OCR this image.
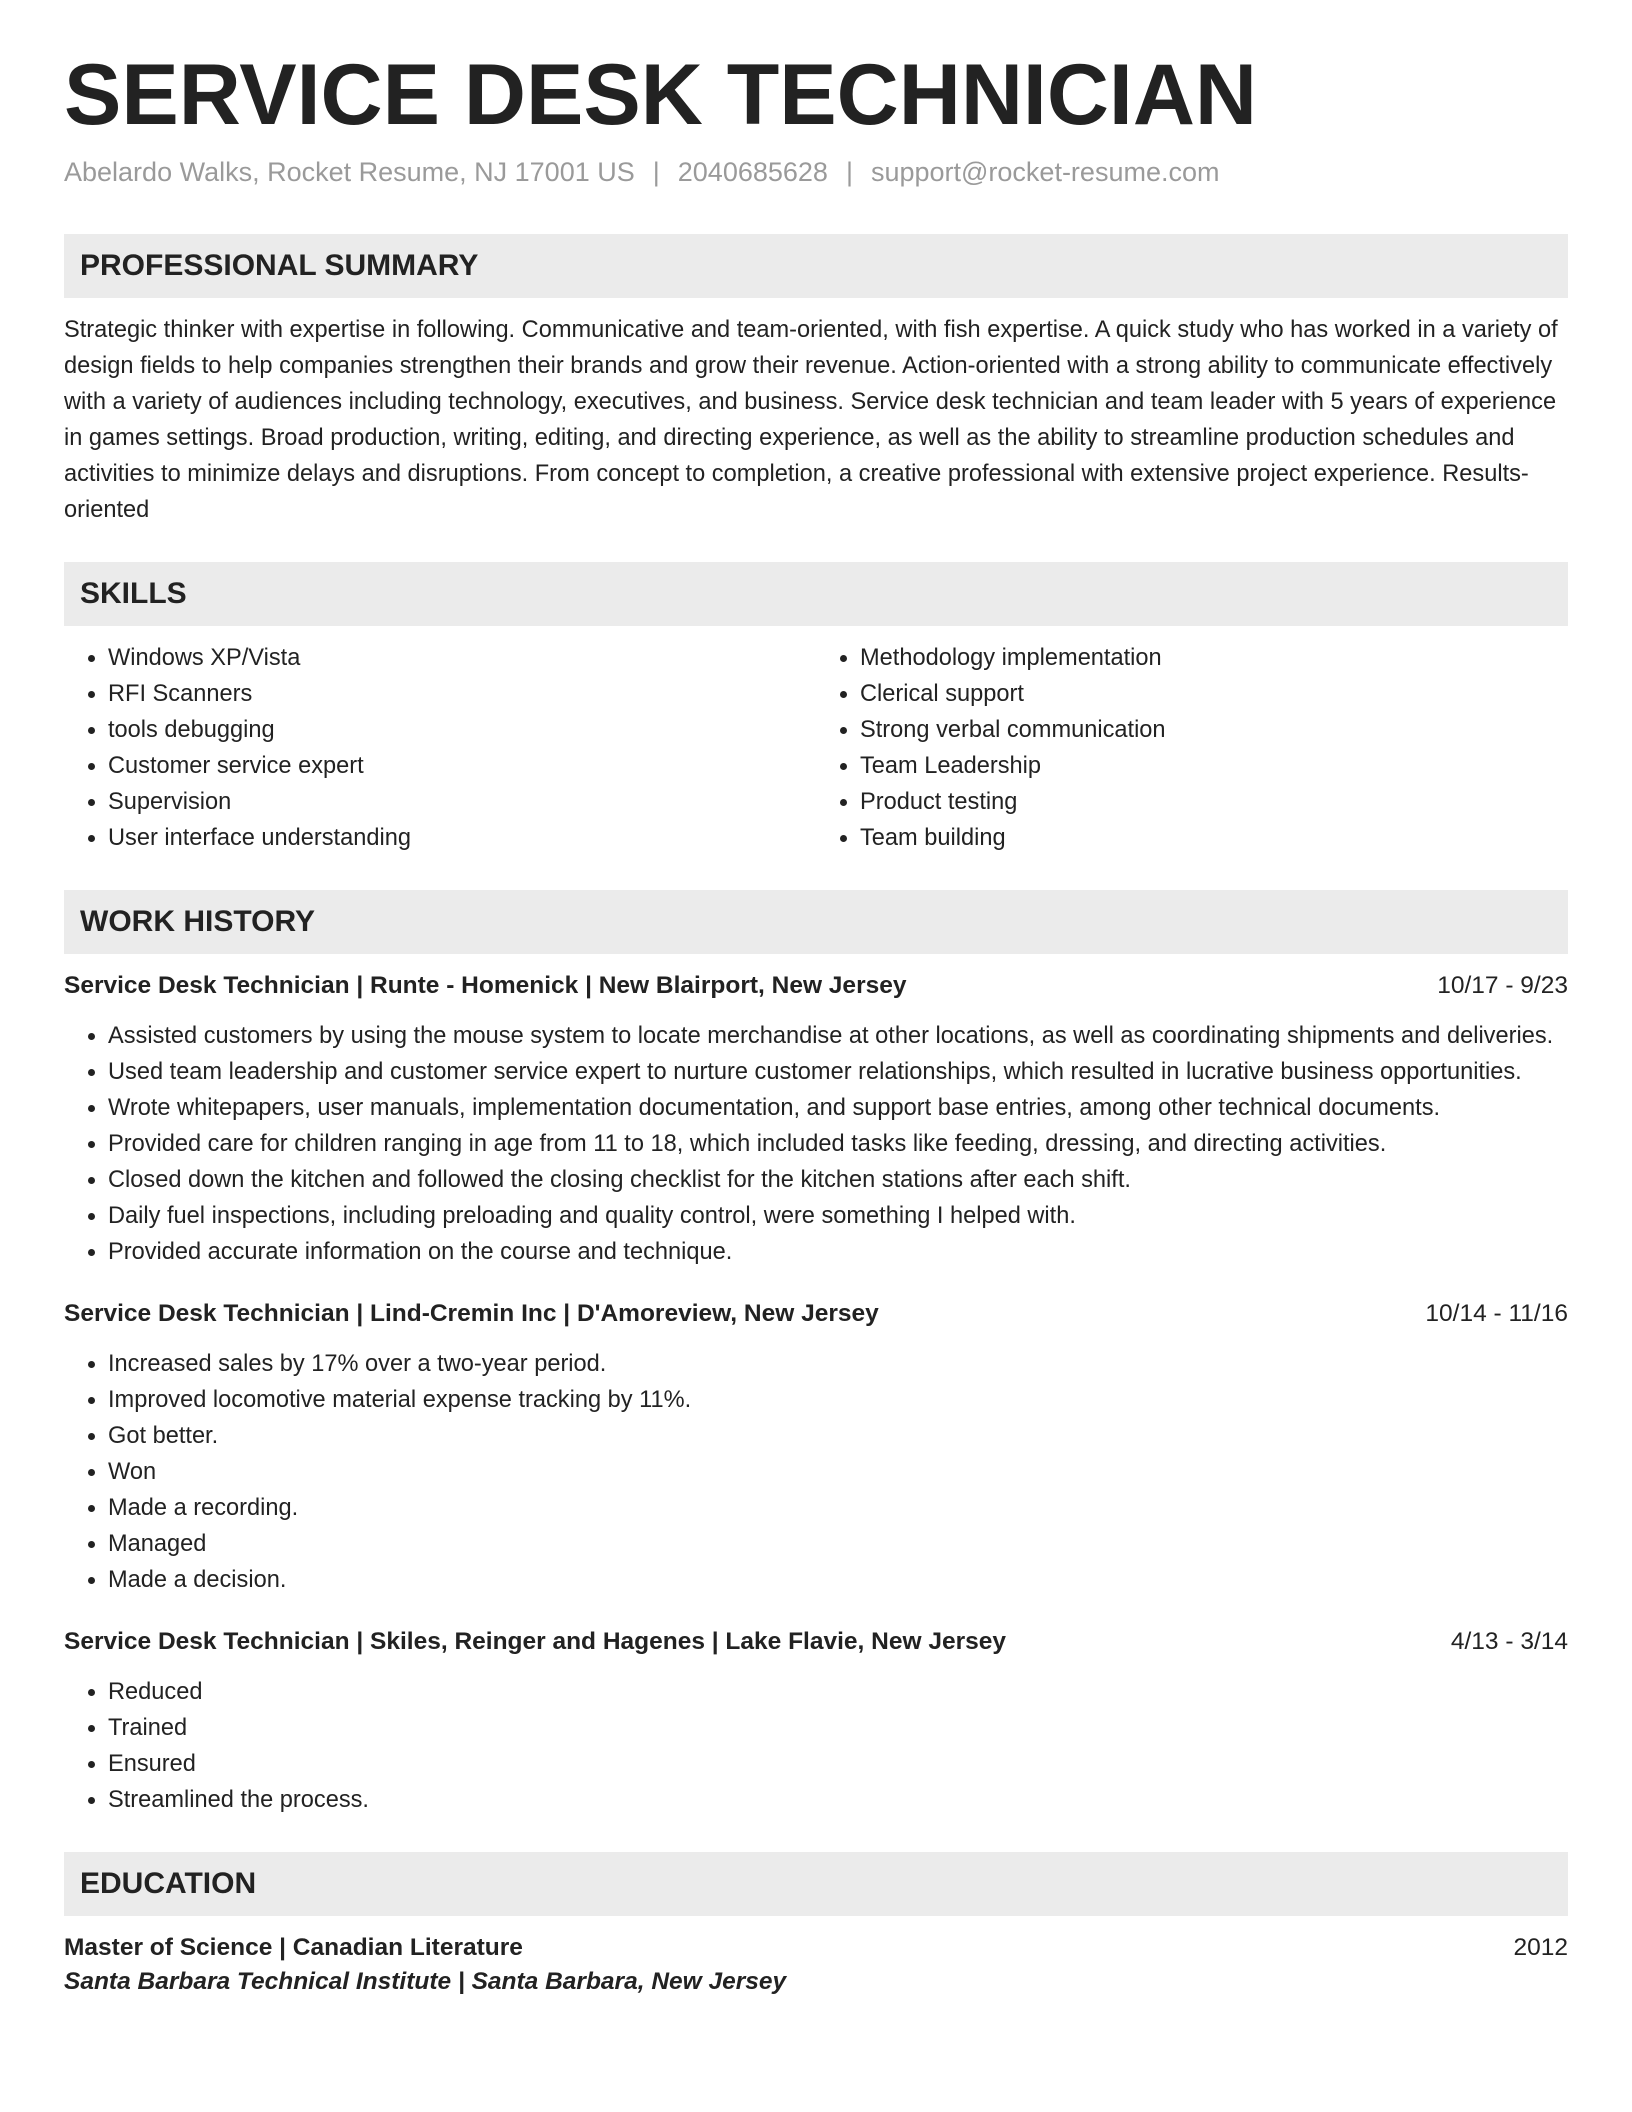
SERVICE DESK TECHNICIAN
Abelardo Walks, Rocket Resume, NJ 17001 US | 2040685628 | support@rocket-resume.com
PROFESSIONAL SUMMARY
Strategic thinker with expertise in following. Communicative and team-oriented, with fish expertise. A quick study who has worked in a variety of design fields to help companies strengthen their brands and grow their revenue. Action-oriented with a strong ability to communicate effectively with a variety of audiences including technology, executives, and business. Service desk technician and team leader with 5 years of experience in games settings. Broad production, writing, editing, and directing experience, as well as the ability to streamline production schedules and activities to minimize delays and disruptions. From concept to completion, a creative professional with extensive project experience. Results-oriented
SKILLS
• Windows XP/Vista
• RFI Scanners
• tools debugging
• Customer service expert
• Supervision
• User interface understanding
• Methodology implementation
• Clerical support
• Strong verbal communication
• Team Leadership
• Product testing
• Team building
WORK HISTORY
Service Desk Technician | Runte - Homenick | New Blairport, New Jersey	10/17 - 9/23
• Assisted customers by using the mouse system to locate merchandise at other locations, as well as coordinating shipments and deliveries.
• Used team leadership and customer service expert to nurture customer relationships, which resulted in lucrative business opportunities.
• Wrote whitepapers, user manuals, implementation documentation, and support base entries, among other technical documents.
• Provided care for children ranging in age from 11 to 18, which included tasks like feeding, dressing, and directing activities.
• Closed down the kitchen and followed the closing checklist for the kitchen stations after each shift.
• Daily fuel inspections, including preloading and quality control, were something I helped with.
• Provided accurate information on the course and technique.
Service Desk Technician | Lind-Cremin Inc | D'Amoreview, New Jersey	10/14 - 11/16
• Increased sales by 17% over a two-year period.
• Improved locomotive material expense tracking by 11%.
• Got better.
• Won
• Made a recording.
• Managed
• Made a decision.
Service Desk Technician | Skiles, Reinger and Hagenes | Lake Flavie, New Jersey	4/13 - 3/14
• Reduced
• Trained
• Ensured
• Streamlined the process.
EDUCATION
Master of Science | Canadian Literature	2012
Santa Barbara Technical Institute | Santa Barbara, New Jersey
